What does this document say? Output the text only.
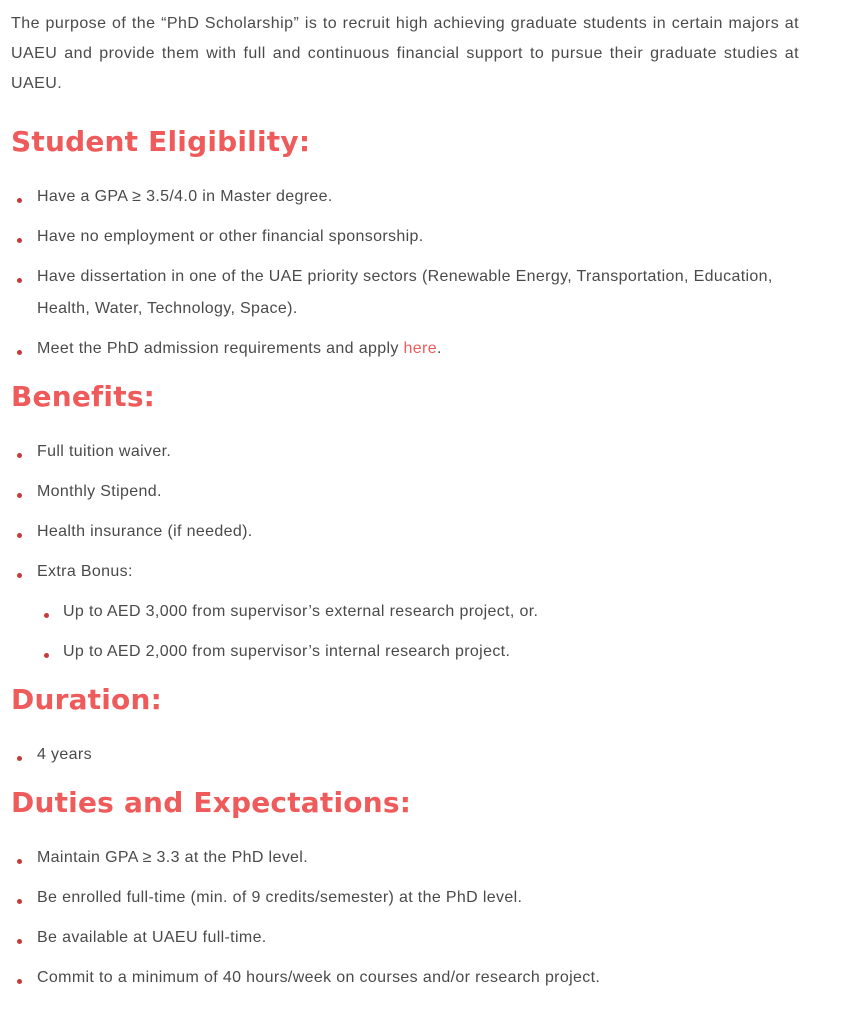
The purpose of the “PhD Scholarship” is to recruit high achieving graduate students in certain majors at UAEU and provide them with full and continuous financial support to pursue their graduate studies at UAEU.

Student Eligibility:
Have a GPA ≥ 3.5/4.0 in Master degree.
Have no employment or other financial sponsorship.
Have dissertation in one of the UAE priority sectors (Renewable Energy, Transportation, Education, Health, Water, Technology, Space).
Meet the PhD admission requirements and apply here.
Benefits:
Full tuition waiver.
Monthly Stipend.
Health insurance (if needed).
Extra Bonus:
Up to AED 3,000 from supervisor’s external research project, or.
Up to AED 2,000 from supervisor’s internal research project.
Duration:
4 years
Duties and Expectations:
Maintain GPA ≥ 3.3 at the PhD level.
Be enrolled full-time (min. of 9 credits/semester) at the PhD level.
Be available at UAEU full-time.
Commit to a minimum of 40 hours/week on courses and/or research project.
